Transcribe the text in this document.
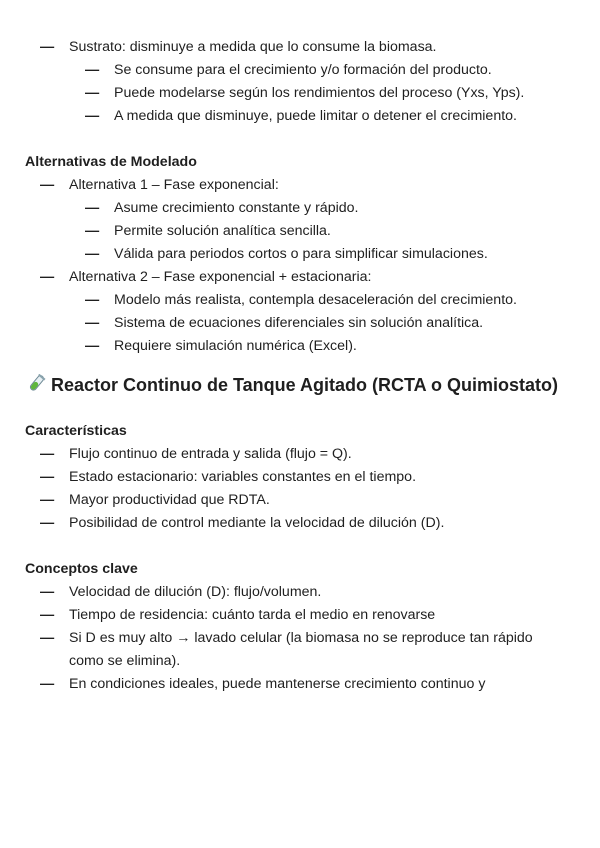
— Sustrato: disminuye a medida que lo consume la biomasa.
— Se consume para el crecimiento y/o formación del producto.
— Puede modelarse según los rendimientos del proceso (Yxs, Yps).
— A medida que disminuye, puede limitar o detener el crecimiento.
Alternativas de Modelado
— Alternativa 1 – Fase exponencial:
— Asume crecimiento constante y rápido.
— Permite solución analítica sencilla.
— Válida para periodos cortos o para simplificar simulaciones.
— Alternativa 2 – Fase exponencial + estacionaria:
— Modelo más realista, contempla desaceleración del crecimiento.
— Sistema de ecuaciones diferenciales sin solución analítica.
— Requiere simulación numérica (Excel).
Reactor Continuo de Tanque Agitado (RCTA o Quimiostato)
Características
— Flujo continuo de entrada y salida (flujo = Q).
— Estado estacionario: variables constantes en el tiempo.
— Mayor productividad que RDTA.
— Posibilidad de control mediante la velocidad de dilución (D).
Conceptos clave
— Velocidad de dilución (D): flujo/volumen.
— Tiempo de residencia: cuánto tarda el medio en renovarse
— Si D es muy alto → lavado celular (la biomasa no se reproduce tan rápido como se elimina).
— En condiciones ideales, puede mantenerse crecimiento continuo y
